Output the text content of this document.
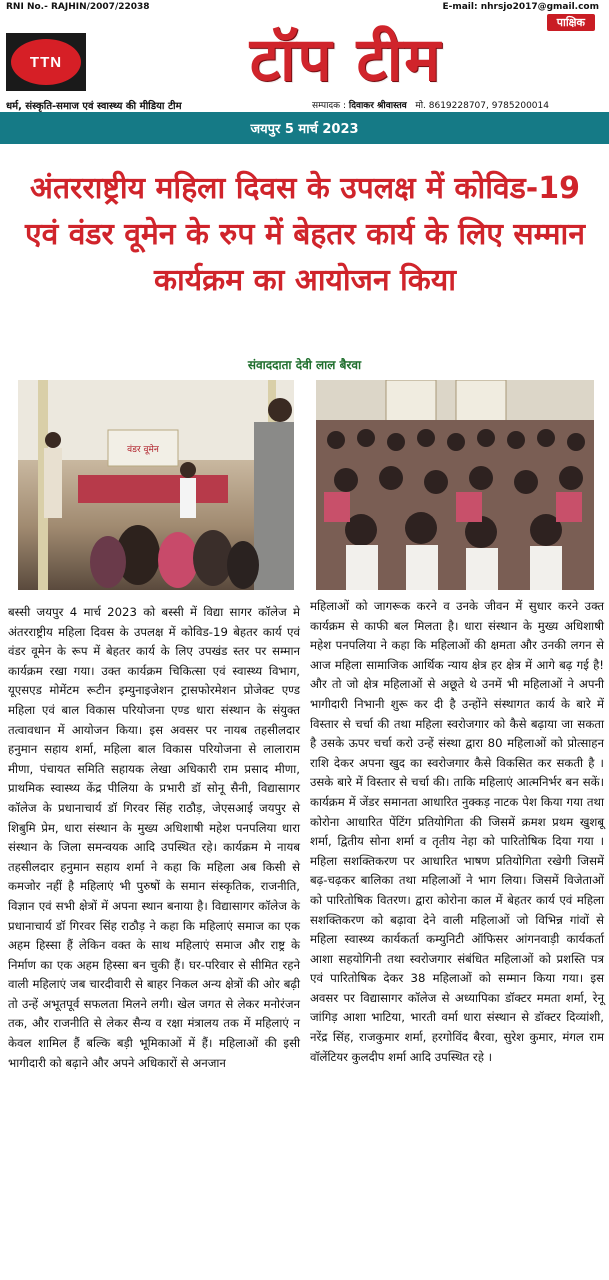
RNI No.- RAJHIN/2007/22038	E-mail: nhrsjo2017@gmail.com
पाक्षिक
TTN	टॉप टीम
धर्म, संस्कृति-समाज एवं स्वास्थ्य की मीडिया टीम	सम्पादक : दिवाकर श्रीवास्तव मो. 8619228707, 9785200014
जयपुर 5 मार्च 2023
अंतरराष्ट्रीय महिला दिवस के उपलक्ष में कोविड-19 एवं वंडर वूमेन के रुप में बेहतर कार्य के लिए सम्मान कार्यक्रम का आयोजन किया
संवाददाता देवी लाल बैरवा
वंडर वूमेन
बस्सी जयपुर 4 मार्च 2023 को बस्सी में विद्या सागर कॉलेज मे अंतरराष्ट्रीय महिला दिवस के उपलक्ष में कोविड-19 बेहतर कार्य एवं वंडर वूमेन के रूप में बेहतर कार्य के लिए उपखंड स्तर पर सम्मान कार्यक्रम रखा गया। उक्त कार्यक्रम चिकित्सा एवं स्वास्थ्य विभाग, यूएसएड मोमेंटम रूटीन इम्युनाइजेशन ट्रासफोरमेशन प्रोजेक्ट एण्ड महिला एवं बाल विकास परियोजना एण्ड धारा संस्थान के संयुक्त तत्वावधान में आयोजन किया। इस अवसर पर नायब तहसीलदार हनुमान सहाय शर्मा, महिला बाल विकास परियोजना से लालाराम मीणा, पंचायत समिति सहायक लेखा अधिकारी राम प्रसाद मीणा, प्राथमिक स्वास्थ्य केंद्र पीलिया के प्रभारी डॉ सोनू सैनी, विद्यासागर कॉलेज के प्रधानाचार्य डॉ गिरवर सिंह राठौड़, जेएसआई जयपुर से शिबुमि प्रेम, धारा संस्थान के मुख्य अधिशाषी महेश पनपलिया धारा संस्थान के जिला समन्वयक आदि उपस्थित रहे। कार्यक्रम मे नायब तहसीलदार हनुमान सहाय शर्मा ने कहा कि महिला अब किसी से कमजोर नहीं है महिलाएं भी पुरुषों के समान संस्कृतिक, राजनीति, विज्ञान एवं सभी क्षेत्रों में अपना स्थान बनाया है। विद्यासागर कॉलेज के प्रधानाचार्य डॉ गिरवर सिंह राठौड़ ने कहा कि महिलाएं समाज का एक अहम हिस्सा हैं लेकिन वक्त के साथ महिलाएं समाज और राष्ट्र के निर्माण का एक अहम हिस्सा बन चुकी हैं। घर-परिवार से सीमित रहने वाली महिलाएं जब चारदीवारी से बाहर निकल अन्य क्षेत्रों की ओर बढ़ी तो उन्हें अभूतपूर्व सफलता मिलने लगी। खेल जगत से लेकर मनोरंजन तक, और राजनीति से लेकर सैन्य व रक्षा मंत्रालय तक में महिलाएं न केवल शामिल हैं बल्कि बड़ी भूमिकाओं में हैं। महिलाओं की इसी भागीदारी को बढ़ाने और अपने अधिकारों से अनजान
महिलाओं को जागरूक करने व उनके जीवन में सुधार करने उक्त कार्यक्रम से काफी बल मिलता है। धारा संस्थान के मुख्य अधिशाषी महेश पनपलिया ने कहा कि महिलाओं की क्षमता और उनकी लगन से आज महिला सामाजिक आर्थिक न्याय क्षेत्र हर क्षेत्र में आगे बढ़ गई है! और तो जो क्षेत्र महिलाओं से अछूते थे उनमें भी महिलाओं ने अपनी भागीदारी निभानी शुरू कर दी है उन्होंने संस्थागत कार्य के बारे में विस्तार से चर्चा की तथा महिला स्वरोजगार को कैसे बढ़ाया जा सकता है उसके ऊपर चर्चा करो उन्हें संस्था द्वारा 80 महिलाओं को प्रोत्साहन राशि देकर अपना खुद का स्वरोजगार कैसे विकसित कर सकती है । उसके बारे में विस्तार से चर्चा की। ताकि महिलाएं आत्मनिर्भर बन सकें। कार्यक्रम में जेंडर समानता आधारित नुक्कड़ नाटक पेश किया गया तथा कोरोना आधारित पेंटिंग प्रतियोगिता की जिसमें क्रमश प्रथम खुशबू शर्मा, द्वितीय सोना शर्मा व तृतीय नेहा को पारितोषिक दिया गया । महिला सशक्तिकरण पर आधारित भाषण प्रतियोगिता रखेगी जिसमें बढ़-चढ़कर बालिका तथा महिलाओं ने भाग लिया। जिसमें विजेताओं को पारितोषिक वितरण। द्वारा कोरोना काल में बेहतर कार्य एवं महिला सशक्तिकरण को बढ़ावा देने वाली महिलाओं जो विभिन्न गांवों से महिला स्वास्थ्य कार्यकर्ता कम्युनिटी ऑफिसर आंगनवाड़ी कार्यकर्ता आशा सहयोगिनी तथा स्वरोजगार संबंधित महिलाओं को प्रशस्ति पत्र एवं पारितोषिक देकर 38 महिलाओं को सम्मान किया गया। इस अवसर पर विद्यासागर कॉलेज से अध्यापिका डॉक्टर ममता शर्मा, रेनू जांगिड़ आशा भाटिया, भारती वर्मा धारा संस्थान से डॉक्टर दिव्यांशी, नरेंद्र सिंह, राजकुमार शर्मा, हरगोविंद बैरवा, सुरेश कुमार, मंगल राम वॉलेंटियर कुलदीप शर्मा आदि उपस्थित रहे ।
